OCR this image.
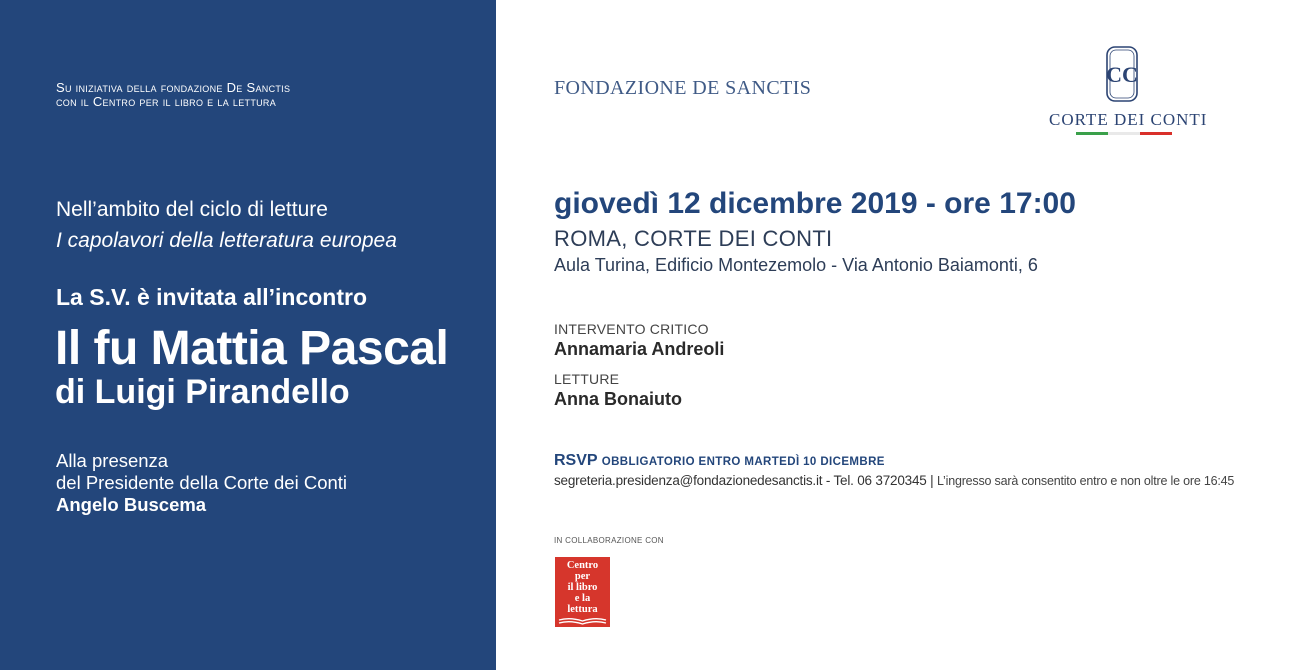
Su iniziativa della fondazione De Sanctis
con il Centro per il libro e la lettura
Nell’ambito del ciclo di letture
I capolavori della letteratura europea
La S.V. è invitata all’incontro
Il fu Mattia Pascal
di Luigi Pirandello
Alla presenza
del Presidente della Corte dei Conti
Angelo Buscema
FONDAZIONE DE SANCTIS
CC
CORTE DEI CONTI
giovedì 12 dicembre 2019 - ore 17:00
ROMA, CORTE DEI CONTI
Aula Turina, Edificio Montezemolo - Via Antonio Baiamonti, 6
INTERVENTO CRITICO
Annamaria Andreoli
LETTURE
Anna Bonaiuto
RSVP OBBLIGATORIO ENTRO MARTEDÌ 10 DICEMBRE
segreteria.presidenza@fondazionedesanctis.it - Tel. 06 3720345 | L’ingresso sarà consentito entro e non oltre le ore 16:45
IN COLLABORAZIONE CON
Centro
per
il libro
e la
lettura
